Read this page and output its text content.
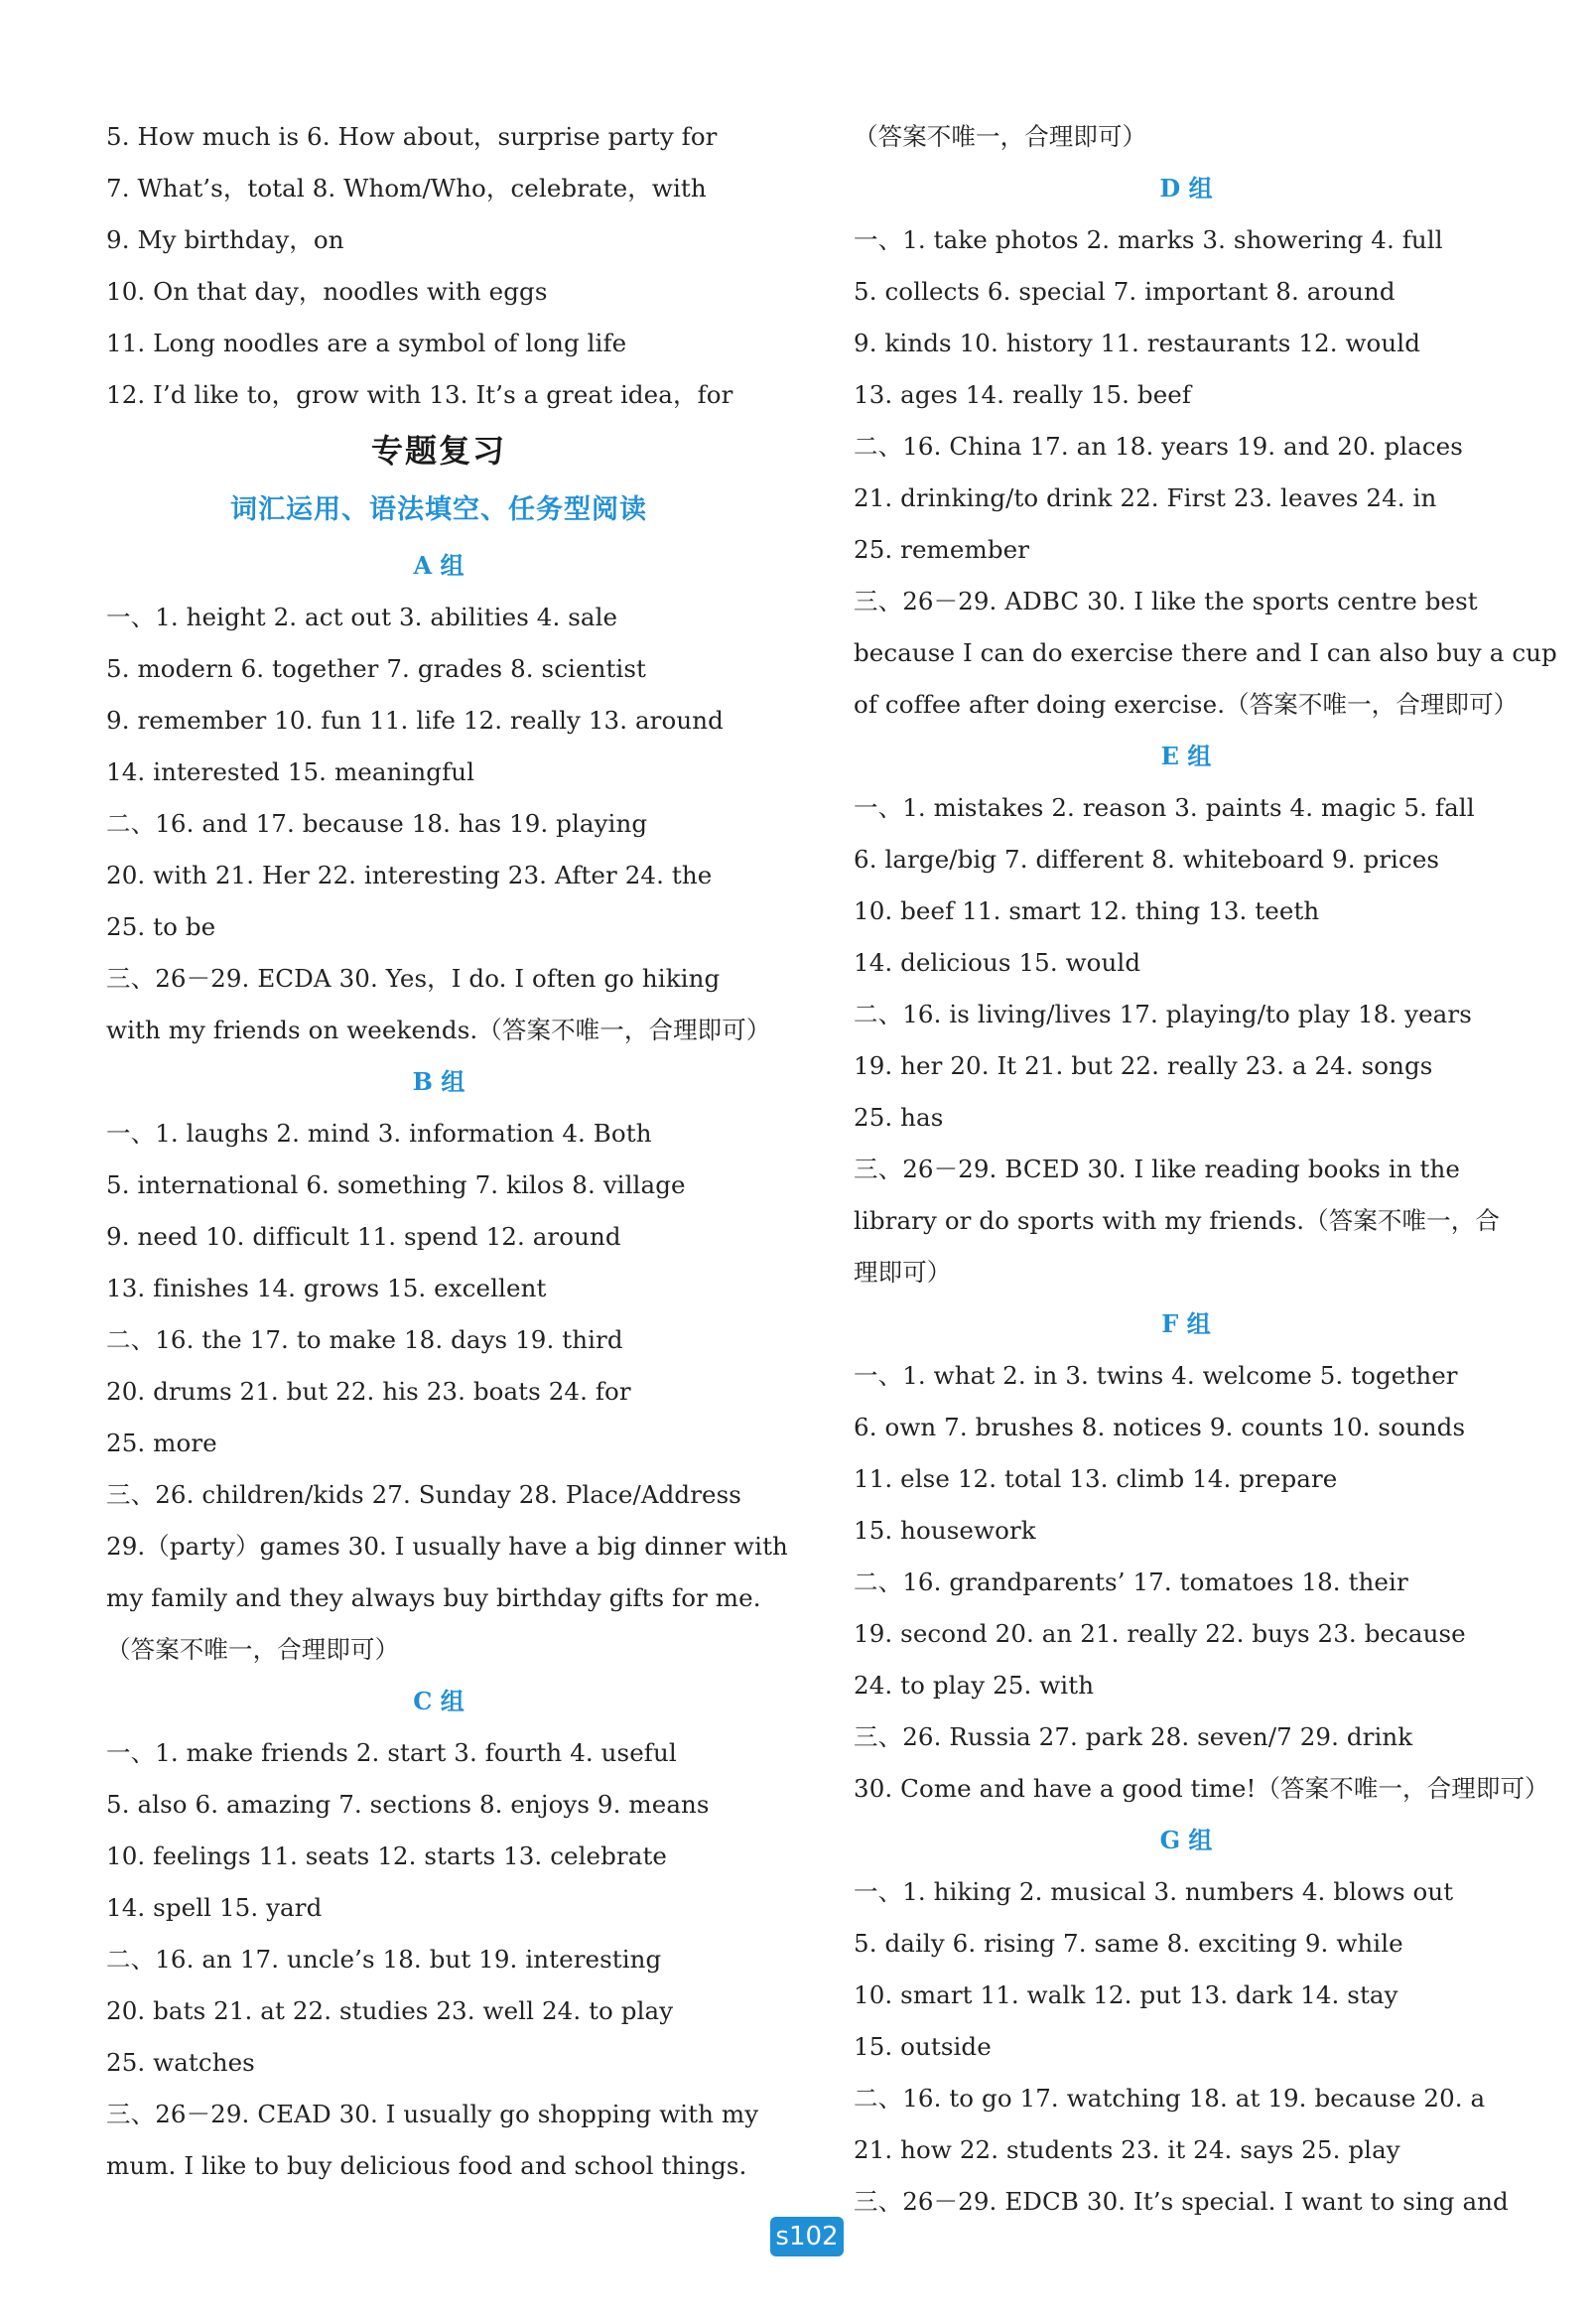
5. How much is 6. How about，surprise party for
7. What’s，total 8. Whom/Who，celebrate，with
9. My birthday，on
10. On that day，noodles with eggs
11. Long noodles are a symbol of long life
12. I’d like to，grow with 13. It’s a great idea，for
专题复习
词汇运用、语法填空、任务型阅读
A 组
一、1. height 2. act out 3. abilities 4. sale
5. modern 6. together 7. grades 8. scientist
9. remember 10. fun 11. life 12. really 13. around
14. interested 15. meaningful
二、16. and 17. because 18. has 19. playing
20. with 21. Her 22. interesting 23. After 24. the
25. to be
三、26－29. ECDA 30. Yes，I do. I often go hiking
with my friends on weekends.（答案不唯一，合理即可）
B 组
一、1. laughs 2. mind 3. information 4. Both
5. international 6. something 7. kilos 8. village
9. need 10. difficult 11. spend 12. around
13. finishes 14. grows 15. excellent
二、16. the 17. to make 18. days 19. third
20. drums 21. but 22. his 23. boats 24. for
25. more
三、26. children/kids 27. Sunday 28. Place/Address
29.（party）games 30. I usually have a big dinner with
my family and they always buy birthday gifts for me.
（答案不唯一，合理即可）
C 组
一、1. make friends 2. start 3. fourth 4. useful
5. also 6. amazing 7. sections 8. enjoys 9. means
10. feelings 11. seats 12. starts 13. celebrate
14. spell 15. yard
二、16. an 17. uncle’s 18. but 19. interesting
20. bats 21. at 22. studies 23. well 24. to play
25. watches
三、26－29. CEAD 30. I usually go shopping with my
mum. I like to buy delicious food and school things.
（答案不唯一，合理即可）
D 组
一、1. take photos 2. marks 3. showering 4. full
5. collects 6. special 7. important 8. around
9. kinds 10. history 11. restaurants 12. would
13. ages 14. really 15. beef
二、16. China 17. an 18. years 19. and 20. places
21. drinking/to drink 22. First 23. leaves 24. in
25. remember
三、26－29. ADBC 30. I like the sports centre best
because I can do exercise there and I can also buy a cup
of coffee after doing exercise.（答案不唯一，合理即可）
E 组
一、1. mistakes 2. reason 3. paints 4. magic 5. fall
6. large/big 7. different 8. whiteboard 9. prices
10. beef 11. smart 12. thing 13. teeth
14. delicious 15. would
二、16. is living/lives 17. playing/to play 18. years
19. her 20. It 21. but 22. really 23. a 24. songs
25. has
三、26－29. BCED 30. I like reading books in the
library or do sports with my friends.（答案不唯一，合
理即可）
F 组
一、1. what 2. in 3. twins 4. welcome 5. together
6. own 7. brushes 8. notices 9. counts 10. sounds
11. else 12. total 13. climb 14. prepare
15. housework
二、16. grandparents’ 17. tomatoes 18. their
19. second 20. an 21. really 22. buys 23. because
24. to play 25. with
三、26. Russia 27. park 28. seven/7 29. drink
30. Come and have a good time!（答案不唯一，合理即可）
G 组
一、1. hiking 2. musical 3. numbers 4. blows out
5. daily 6. rising 7. same 8. exciting 9. while
10. smart 11. walk 12. put 13. dark 14. stay
15. outside
二、16. to go 17. watching 18. at 19. because 20. a
21. how 22. students 23. it 24. says 25. play
三、26－29. EDCB 30. It’s special. I want to sing and
s102
